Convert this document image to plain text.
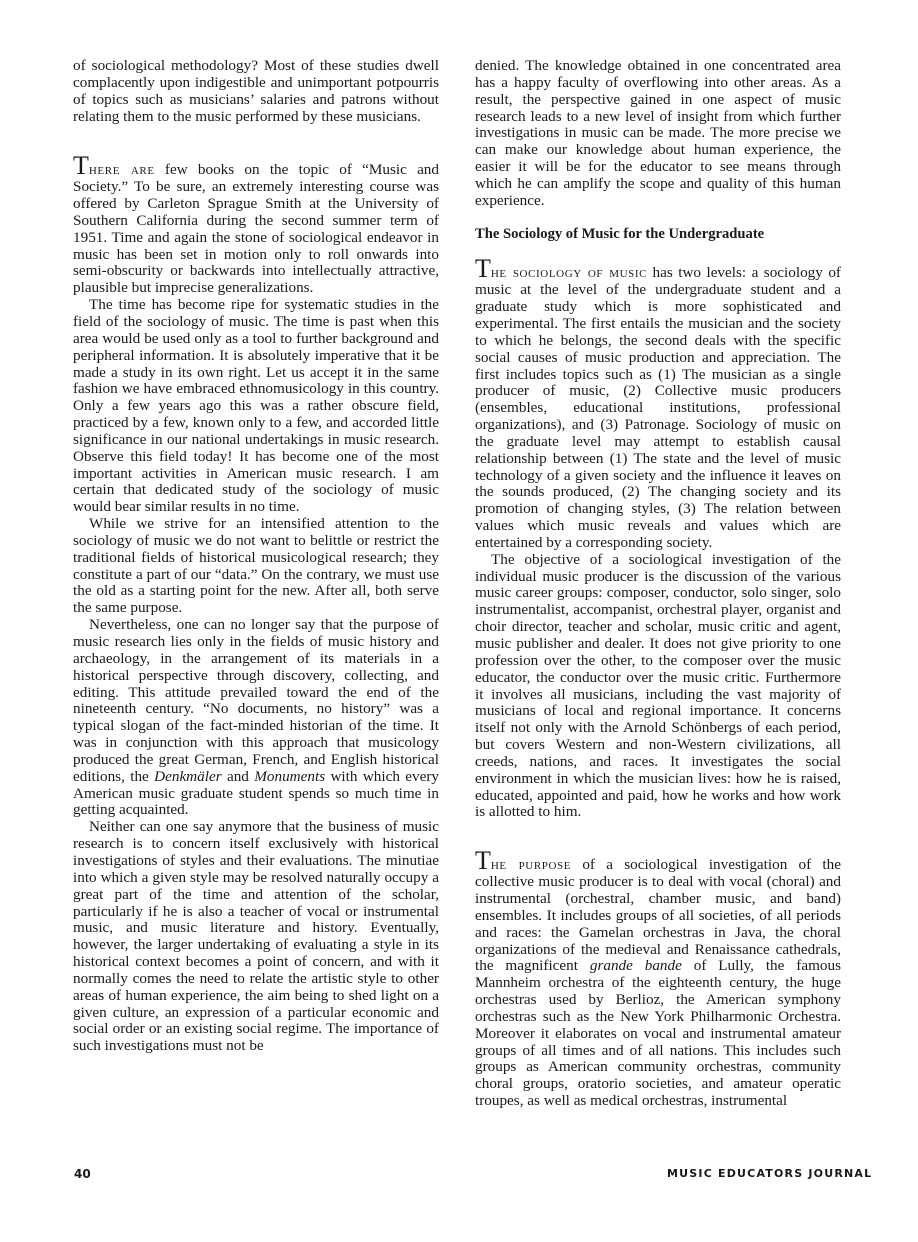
of sociological methodology? Most of these studies dwell complacently upon indigestible and unimportant potpourris of topics such as musicians’ salaries and patrons without relating them to the music performed by these musicians.

There are few books on the topic of “Music and Society.” To be sure, an extremely interesting course was offered by Carleton Sprague Smith at the University of Southern California during the second summer term of 1951. Time and again the stone of sociological endeavor in music has been set in motion only to roll onwards into semi-obscurity or backwards into intellectually attractive, plausible but imprecise generalizations.

The time has become ripe for systematic studies in the field of the sociology of music. The time is past when this area would be used only as a tool to further background and peripheral information. It is absolutely imperative that it be made a study in its own right. Let us accept it in the same fashion we have embraced ethnomusicology in this country. Only a few years ago this was a rather obscure field, practiced by a few, known only to a few, and accorded little significance in our national undertakings in music research. Observe this field today! It has become one of the most important activities in American music research. I am certain that dedicated study of the sociology of music would bear similar results in no time.

While we strive for an intensified attention to the sociology of music we do not want to belittle or restrict the traditional fields of historical musicological research; they constitute a part of our “data.” On the contrary, we must use the old as a starting point for the new. After all, both serve the same purpose.

Nevertheless, one can no longer say that the purpose of music research lies only in the fields of music history and archaeology, in the arrangement of its materials in a historical perspective through discovery, collecting, and editing. This attitude prevailed toward the end of the nineteenth century. “No documents, no history” was a typical slogan of the fact-minded historian of the time. It was in conjunction with this approach that musicology produced the great German, French, and English historical editions, the Denkmäler and Monuments with which every American music graduate student spends so much time in getting acquainted.

Neither can one say anymore that the business of music research is to concern itself exclusively with historical investigations of styles and their evaluations. The minutiae into which a given style may be resolved naturally occupy a great part of the time and attention of the scholar, particularly if he is also a teacher of vocal or instrumental music, and music literature and history. Eventually, however, the larger undertaking of evaluating a style in its historical context becomes a point of concern, and with it normally comes the need to relate the artistic style to other areas of human experience, the aim being to shed light on a given culture, an expression of a particular economic and social order or an existing social regime. The importance of such investigations must not be

denied. The knowledge obtained in one concentrated area has a happy faculty of overflowing into other areas. As a result, the perspective gained in one aspect of music research leads to a new level of insight from which further investigations in music can be made. The more precise we can make our knowledge about human experience, the easier it will be for the educator to see means through which he can amplify the scope and quality of this human experience.

The Sociology of Music for the Undergraduate

The sociology of music has two levels: a sociology of music at the level of the undergraduate student and a graduate study which is more sophisticated and experimental. The first entails the musician and the society to which he belongs, the second deals with the specific social causes of music production and appreciation. The first includes topics such as (1) The musician as a single producer of music, (2) Collective music producers (ensembles, educational institutions, professional organizations), and (3) Patronage. Sociology of music on the graduate level may attempt to establish causal relationship between (1) The state and the level of music technology of a given society and the influence it leaves on the sounds produced, (2) The changing society and its promotion of changing styles, (3) The relation between values which music reveals and values which are entertained by a corresponding society.

The objective of a sociological investigation of the individual music producer is the discussion of the various music career groups: composer, conductor, solo singer, solo instrumentalist, accompanist, orchestral player, organist and choir director, teacher and scholar, music critic and agent, music publisher and dealer. It does not give priority to one profession over the other, to the composer over the music educator, the conductor over the music critic. Furthermore it involves all musicians, including the vast majority of musicians of local and regional importance. It concerns itself not only with the Arnold Schönbergs of each period, but covers Western and non-Western civilizations, all creeds, nations, and races. It investigates the social environment in which the musician lives: how he is raised, educated, appointed and paid, how he works and how work is allotted to him.

The purpose of a sociological investigation of the collective music producer is to deal with vocal (choral) and instrumental (orchestral, chamber music, and band) ensembles. It includes groups of all societies, of all periods and races: the Gamelan orchestras in Java, the choral organizations of the medieval and Renaissance cathedrals, the magnificent grande bande of Lully, the famous Mannheim orchestra of the eighteenth century, the huge orchestras used by Berlioz, the American symphony orchestras such as the New York Philharmonic Orchestra. Moreover it elaborates on vocal and instrumental amateur groups of all times and of all nations. This includes such groups as American community orchestras, community choral groups, oratorio societies, and amateur operatic troupes, as well as medical orchestras, instrumental

40	MUSIC EDUCATORS JOURNAL
